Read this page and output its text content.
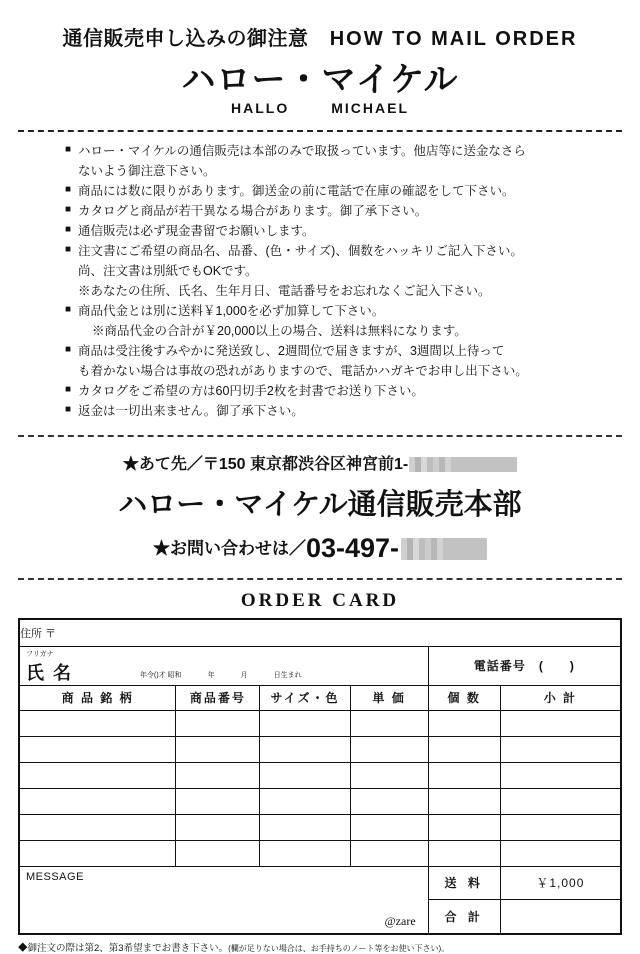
通信販売申し込みの御注意 HOW TO MAIL ORDER
ハロー・マイケル
HALLO	MICHAEL
■ ハロー・マイケルの通信販売は本部のみで取扱っています。他店等に送金なさら
ないよう御注意下さい。
■ 商品には数に限りがあります。御送金の前に電話で在庫の確認をして下さい。
■ カタログと商品が若干異なる場合があります。御了承下さい。
■ 通信販売は必ず現金書留でお願いします。
■ 注文書にご希望の商品名、品番、(色・サイズ)、個数をハッキリご記入下さい。
尚、注文書は別紙でもOKです。
※あなたの住所、氏名、生年月日、電話番号をお忘れなくご記入下さい。
■ 商品代金とは別に送料￥1,000を必ず加算して下さい。
※商品代金の合計が￥20,000以上の場合、送料は無料になります。
■ 商品は受注後すみやかに発送致し、2週間位で届きますが、3週間以上待って
も着かない場合は事故の恐れがありますので、電話かハガキでお申し出下さい。
■ カタログをご希望の方は60円切手2枚を封書でお送り下さい。
■ 返金は一切出来ません。御了承下さい。
★あて先／〒150 東京都渋谷区神宮前1-
ハロー・マイケル通信販売本部
★お問い合わせは／03-497-
ORDER CARD
住所 〒					

フリガナ
氏 名 年令()才 昭和 年 月 日生まれ				電話番号 ( )	
商 品 銘 柄	商品番号	サイズ・色	単 価	個 数	小 計

MESSAGE
@zare				送 料	￥1,000
				合 計	
◆御注文の際は第2、第3希望までお書き下さい。(欄が足りない場合は、お手持ちのノート等をお使い下さい)。
